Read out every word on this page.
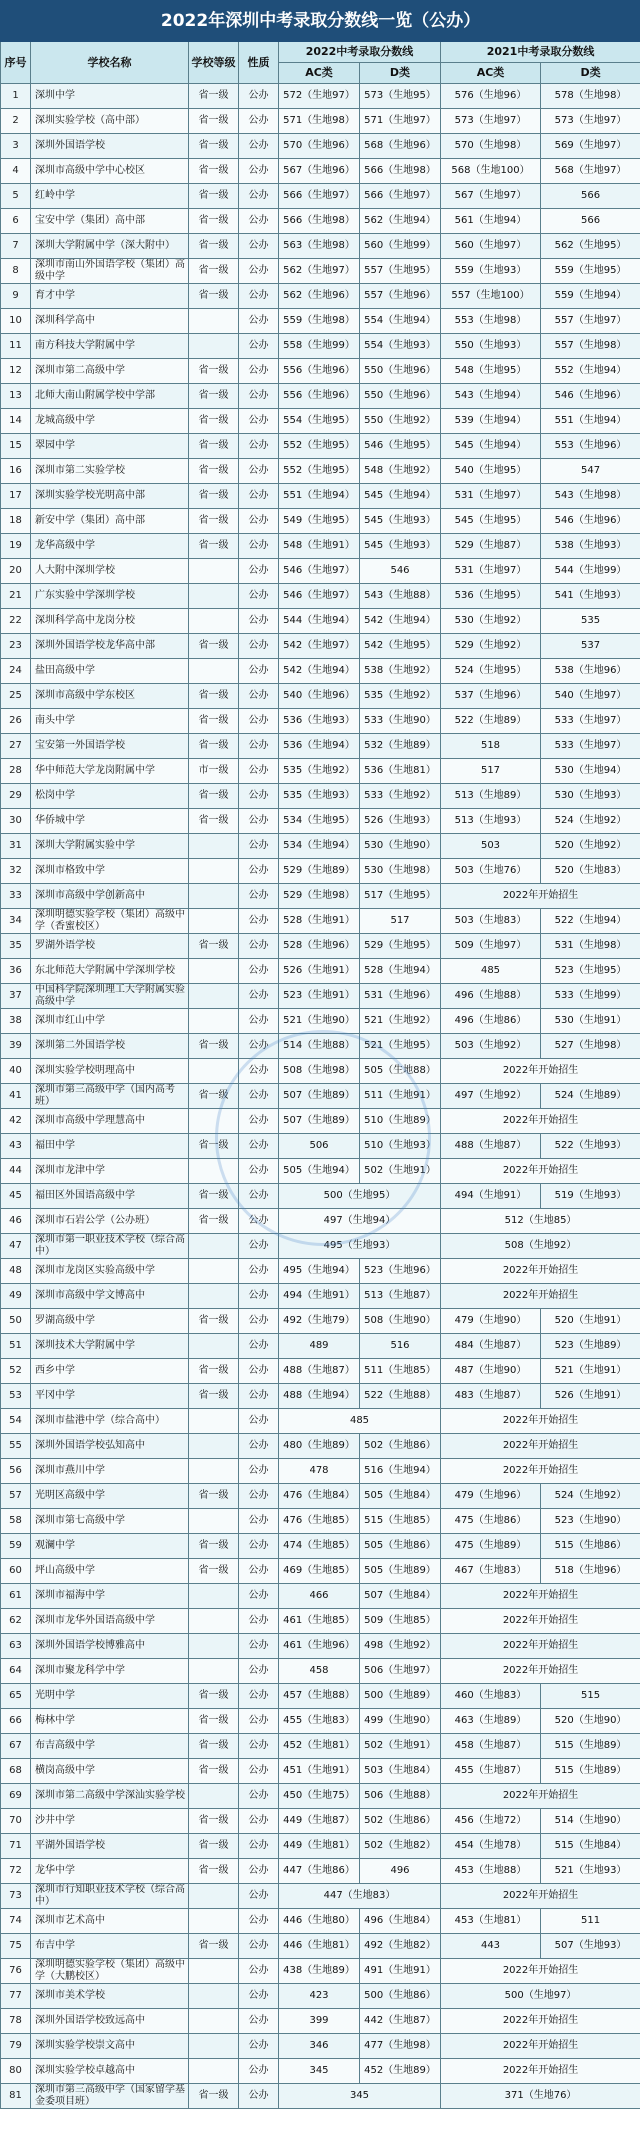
2022年深圳中考录取分数线一览（公办）							
序号	学校名称	学校等级	性质	2022中考录取分数线		2021中考录取分数线	
				AC类	D类	AC类	D类
1	深圳中学	省一级	公办	572（生地97）	573（生地95）	576（生地96）	578（生地98）
2	深圳实验学校（高中部）	省一级	公办	571（生地98）	571（生地97）	573（生地97）	573（生地97）
3	深圳外国语学校	省一级	公办	570（生地96）	568（生地96）	570（生地98）	569（生地97）
4	深圳市高级中学中心校区	省一级	公办	567（生地96）	566（生地98）	568（生地100）	568（生地97）
5	红岭中学	省一级	公办	566（生地97）	566（生地97）	567（生地97）	566
6	宝安中学（集团）高中部	省一级	公办	566（生地98）	562（生地94）	561（生地94）	566
7	深圳大学附属中学（深大附中）	省一级	公办	563（生地98）	560（生地99）	560（生地97）	562（生地95）
8	深圳市南山外国语学校（集团）高级中学	省一级	公办	562（生地97）	557（生地95）	559（生地93）	559（生地95）
9	育才中学	省一级	公办	562（生地96）	557（生地96）	557（生地100）	559（生地94）
10	深圳科学高中		公办	559（生地98）	554（生地94）	553（生地98）	557（生地97）
11	南方科技大学附属中学		公办	558（生地99）	554（生地93）	550（生地93）	557（生地98）
12	深圳市第二高级中学	省一级	公办	556（生地96）	550（生地96）	548（生地95）	552（生地94）
13	北师大南山附属学校中学部	省一级	公办	556（生地96）	550（生地96）	543（生地94）	546（生地96）
14	龙城高级中学	省一级	公办	554（生地95）	550（生地92）	539（生地94）	551（生地94）
15	翠园中学	省一级	公办	552（生地95）	546（生地95）	545（生地94）	553（生地96）
16	深圳市第二实验学校	省一级	公办	552（生地95）	548（生地92）	540（生地95）	547
17	深圳实验学校光明高中部	省一级	公办	551（生地94）	545（生地94）	531（生地97）	543（生地98）
18	新安中学（集团）高中部	省一级	公办	549（生地95）	545（生地93）	545（生地95）	546（生地96）
19	龙华高级中学	省一级	公办	548（生地91）	545（生地93）	529（生地87）	538（生地93）
20	人大附中深圳学校		公办	546（生地97）	546	531（生地97）	544（生地99）
21	广东实验中学深圳学校		公办	546（生地97）	543（生地88）	536（生地95）	541（生地93）
22	深圳科学高中龙岗分校		公办	544（生地94）	542（生地94）	530（生地92）	535
23	深圳外国语学校龙华高中部	省一级	公办	542（生地97）	542（生地95）	529（生地92）	537
24	盐田高级中学		公办	542（生地94）	538（生地92）	524（生地95）	538（生地96）
25	深圳市高级中学东校区	省一级	公办	540（生地96）	535（生地92）	537（生地96）	540（生地97）
26	南头中学	省一级	公办	536（生地93）	533（生地90）	522（生地89）	533（生地97）
27	宝安第一外国语学校	省一级	公办	536（生地94）	532（生地89）	518	533（生地97）
28	华中师范大学龙岗附属中学	市一级	公办	535（生地92）	536（生地81）	517	530（生地94）
29	松岗中学	省一级	公办	535（生地93）	533（生地92）	513（生地89）	530（生地93）
30	华侨城中学	省一级	公办	534（生地95）	526（生地93）	513（生地93）	524（生地92）
31	深圳大学附属实验中学		公办	534（生地94）	530（生地90）	503	520（生地92）
32	深圳市格致中学		公办	529（生地89）	530（生地98）	503（生地76）	520（生地83）
33	深圳市高级中学创新高中		公办	529（生地98）	517（生地95）	2022年开始招生	
34	深圳明德实验学校（集团）高级中学（香蜜校区）		公办	528（生地91）	517	503（生地83）	522（生地94）
35	罗湖外语学校	省一级	公办	528（生地96）	529（生地95）	509（生地97）	531（生地98）
36	东北师范大学附属中学深圳学校		公办	526（生地91）	528（生地94）	485	523（生地95）
37	中国科学院深圳理工大学附属实验高级中学		公办	523（生地91）	531（生地96）	496（生地88）	533（生地99）
38	深圳市红山中学		公办	521（生地90）	521（生地92）	496（生地86）	530（生地91）
39	深圳第二外国语学校	省一级	公办	514（生地88）	521（生地95）	503（生地92）	527（生地98）
40	深圳实验学校明理高中		公办	508（生地98）	505（生地88）	2022年开始招生	
41	深圳市第三高级中学（国内高考班）	省一级	公办	507（生地89）	511（生地91）	497（生地92）	524（生地89）
42	深圳市高级中学理慧高中		公办	507（生地89）	510（生地89）	2022年开始招生	
43	福田中学	省一级	公办	506	510（生地93）	488（生地87）	522（生地93）
44	深圳市龙津中学		公办	505（生地94）	502（生地91）	2022年开始招生	
45	福田区外国语高级中学	省一级	公办	500（生地95）		494（生地91）	519（生地93）
46	深圳市石岩公学（公办班）	省一级	公办	497（生地94）		512（生地85）	
47	深圳市第一职业技术学校（综合高中）		公办	495（生地93）		508（生地92）	
48	深圳市龙岗区实验高级中学		公办	495（生地94）	523（生地96）	2022年开始招生	
49	深圳市高级中学文博高中		公办	494（生地91）	513（生地87）	2022年开始招生	
50	罗湖高级中学	省一级	公办	492（生地79）	508（生地90）	479（生地90）	520（生地91）
51	深圳技术大学附属中学		公办	489	516	484（生地87）	523（生地89）
52	西乡中学	省一级	公办	488（生地87）	511（生地85）	487（生地90）	521（生地91）
53	平冈中学	省一级	公办	488（生地94）	522（生地88）	483（生地87）	526（生地91）
54	深圳市盐港中学（综合高中）		公办	485		2022年开始招生	
55	深圳外国语学校弘知高中		公办	480（生地89）	502（生地86）	2022年开始招生	
56	深圳市燕川中学		公办	478	516（生地94）	2022年开始招生	
57	光明区高级中学	省一级	公办	476（生地84）	505（生地84）	479（生地96）	524（生地92）
58	深圳市第七高级中学		公办	476（生地85）	515（生地85）	475（生地86）	523（生地90）
59	观澜中学	省一级	公办	474（生地85）	505（生地86）	475（生地89）	515（生地86）
60	坪山高级中学	省一级	公办	469（生地85）	505（生地89）	467（生地83）	518（生地96）
61	深圳市福海中学		公办	466	507（生地84）	2022年开始招生	
62	深圳市龙华外国语高级中学		公办	461（生地85）	509（生地85）	2022年开始招生	
63	深圳外国语学校博雅高中		公办	461（生地96）	498（生地92）	2022年开始招生	
64	深圳市聚龙科学中学		公办	458	506（生地97）	2022年开始招生	
65	光明中学	省一级	公办	457（生地88）	500（生地89）	460（生地83）	515
66	梅林中学	省一级	公办	455（生地83）	499（生地90）	463（生地89）	520（生地90）
67	布吉高级中学	省一级	公办	452（生地81）	502（生地91）	458（生地87）	515（生地89）
68	横岗高级中学	省一级	公办	451（生地91）	503（生地84）	455（生地87）	515（生地89）
69	深圳市第二高级中学深汕实验学校		公办	450（生地75）	506（生地88）	2022年开始招生	
70	沙井中学	省一级	公办	449（生地87）	502（生地86）	456（生地72）	514（生地90）
71	平湖外国语学校	省一级	公办	449（生地81）	502（生地82）	454（生地78）	515（生地84）
72	龙华中学	省一级	公办	447（生地86）	496	453（生地88）	521（生地93）
73	深圳市行知职业技术学校（综合高中）		公办	447（生地83）		2022年开始招生	
74	深圳市艺术高中		公办	446（生地80）	496（生地84）	453（生地81）	511
75	布吉中学	省一级	公办	446（生地81）	492（生地82）	443	507（生地93）
76	深圳明德实验学校（集团）高级中学（大鹏校区）		公办	438（生地89）	491（生地91）	2022年开始招生	
77	深圳市美术学校		公办	423	500（生地86）	500（生地97）	
78	深圳外国语学校致远高中		公办	399	442（生地87）	2022年开始招生	
79	深圳实验学校崇文高中		公办	346	477（生地98）	2022年开始招生	
80	深圳实验学校卓越高中		公办	345	452（生地89）	2022年开始招生	
81	深圳市第三高级中学（国家留学基金委项目班）	省一级	公办	345		371（生地76）	
